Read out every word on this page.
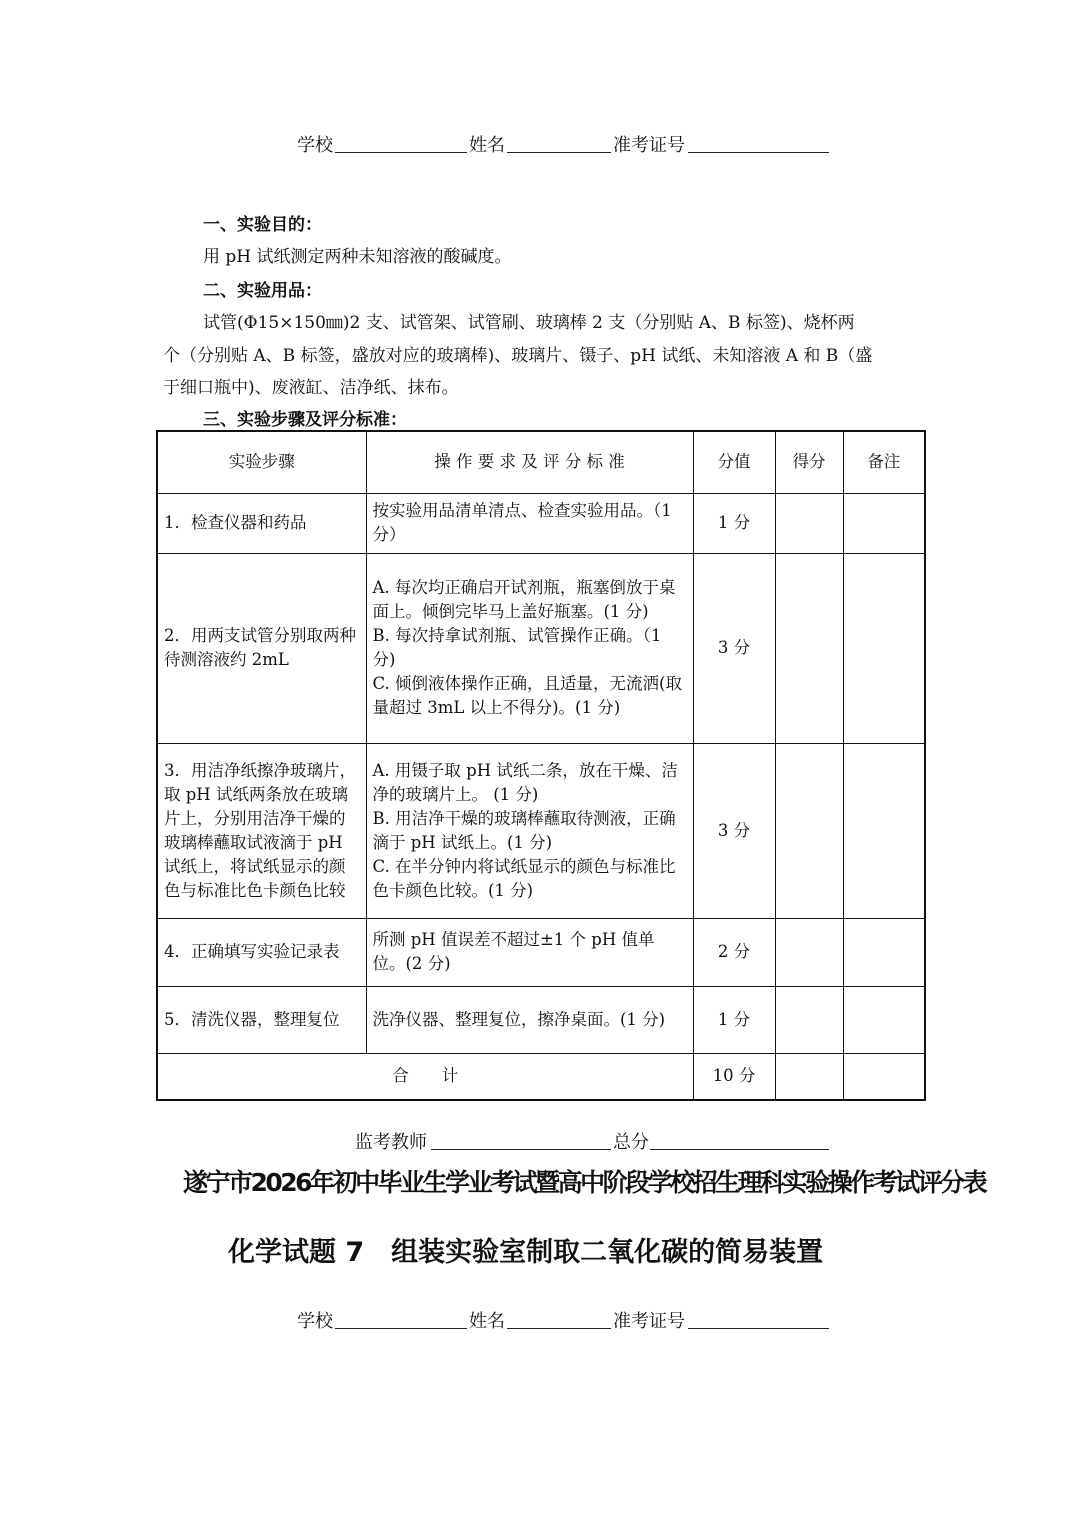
学校	姓名	准考证号
一、实验目的：
用 pH 试纸测定两种未知溶液的酸碱度。
二、实验用品：
试管(Φ15×150㎜)2 支、试管架、试管刷、玻璃棒 2 支（分别贴 A、B 标签)、烧杯两
个（分别贴 A、B 标签，盛放对应的玻璃棒)、玻璃片、镊子、pH 试纸、未知溶液 A 和 B（盛
于细口瓶中)、废液缸、洁净纸、抹布。
三、实验步骤及评分标准：
实验步骤	操 作 要 求 及 评 分 标 准	分值	得分	备注
1．检查仪器和药品	按实验用品清单清点、检查实验用品。（1 分）	1 分		
2．用两支试管分别取两种待测溶液约 2mL	A. 每次均正确启开试剂瓶，瓶塞倒放于桌面上。倾倒完毕马上盖好瓶塞。(1 分)
B. 每次持拿试剂瓶、试管操作正确。（1 分)
C. 倾倒液体操作正确，且适量，无流洒(取量超过 3mL 以上不得分)。(1 分)	3 分		
3．用洁净纸擦净玻璃片，取 pH 试纸两条放在玻璃片上，分别用洁净干燥的玻璃棒蘸取试液滴于 pH 试纸上，将试纸显示的颜色与标准比色卡颜色比较	A. 用镊子取 pH 试纸二条，放在干燥、洁净的玻璃片上。 (1 分)
B. 用洁净干燥的玻璃棒蘸取待测液，正确滴于 pH 试纸上。(1 分)
C. 在半分钟内将试纸显示的颜色与标准比色卡颜色比较。(1 分)	3 分		
4．正确填写实验记录表	所测 pH 值误差不超过±1 个 pH 值单位。(2 分)	2 分		
5．清洗仪器，整理复位	洗净仪器、整理复位，擦净桌面。(1 分)	1 分		
合　　计		10 分		
监考教师	总分
遂宁市2026年初中毕业生学业考试暨高中阶段学校招生理科实验操作考试评分表
化学试题 7　组装实验室制取二氧化碳的简易装置
学校	姓名	准考证号
